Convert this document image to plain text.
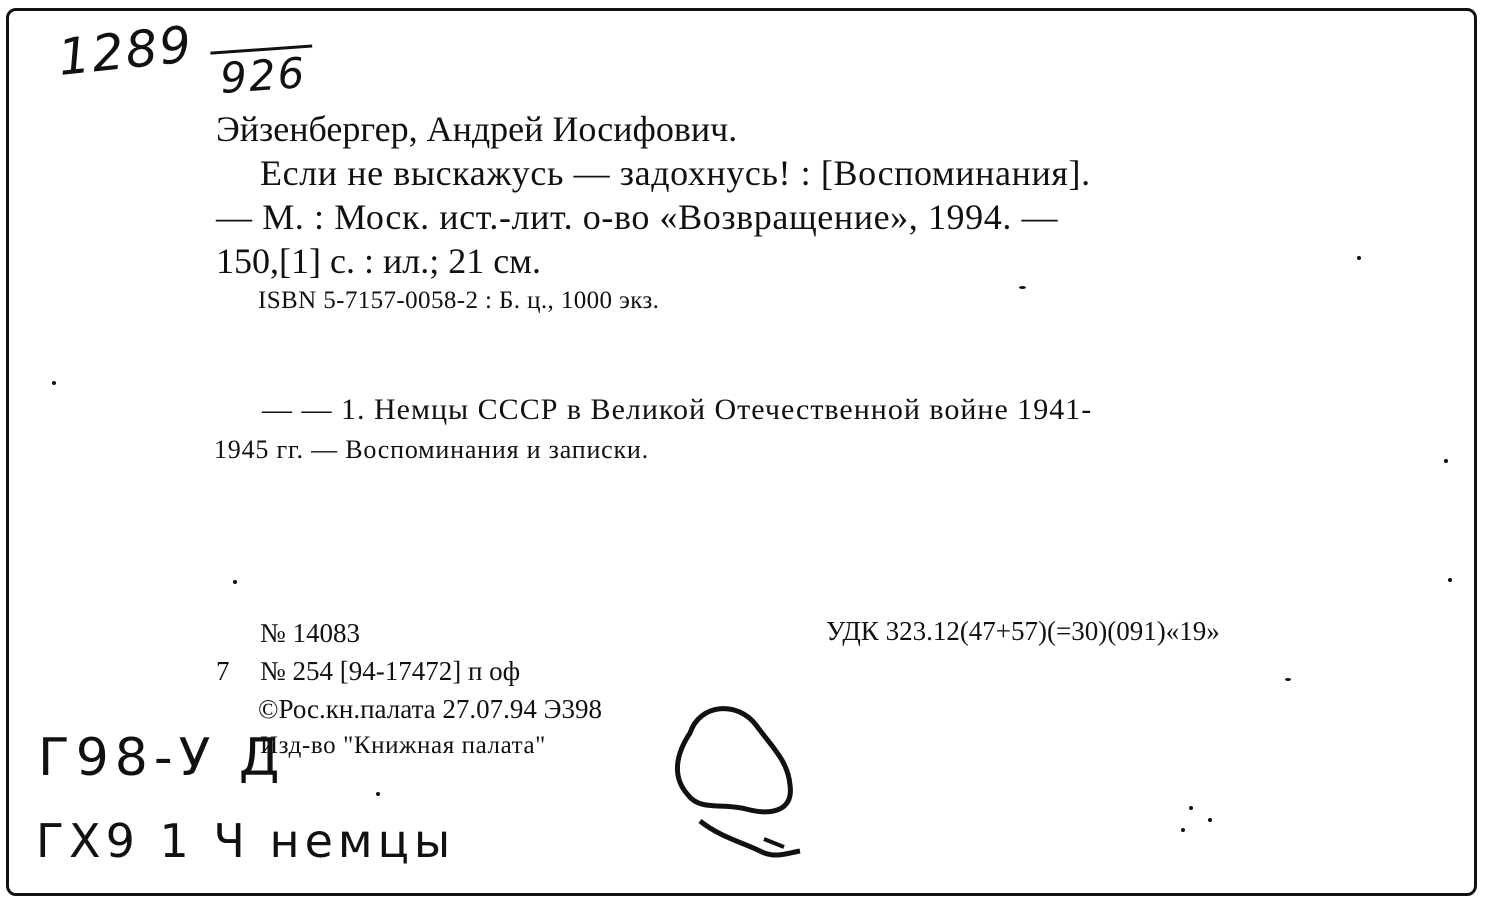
1289 926
Эйзенбергер, Андрей Иосифович.
Если не выскажусь — задохнусь! : [Воспоминания].
— М. : Моск. ист.-лит. о-во «Возвращение», 1994. —
150,[1] с. : ил.; 21 см.
ISBN 5-7157-0058-2 : Б. ц., 1000 экз.
— — 1. Немцы СССР в Великой Отечественной войне 1941-
1945 гг. — Воспоминания и записки.
№ 14083	УДК 323.12(47+57)(=30)(091)«19»
7 № 254 [94-17472] п оф
©Рос.кн.палата 27.07.94 Э398
Изд-во "Книжная палата"
Г98-У Д
ГХ9 1 Ч немцы
